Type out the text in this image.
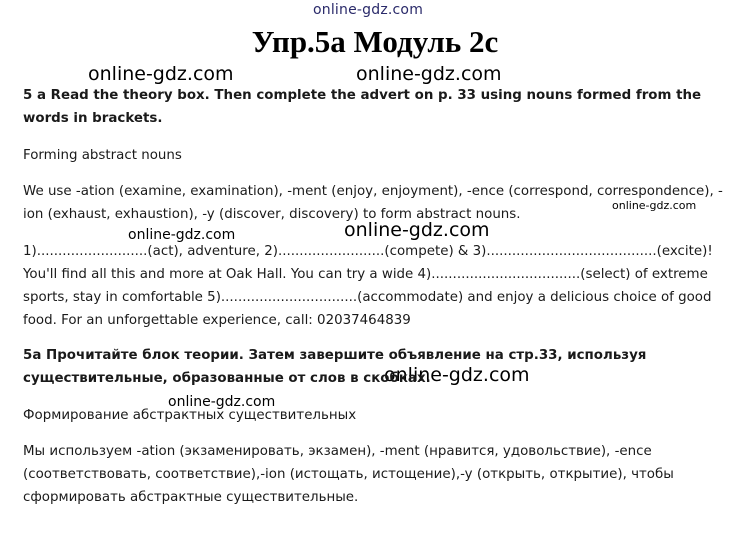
online-gdz.com
online-gdz.com	online-gdz.com
online-gdz.com
online-gdz.com
online-gdz.com
online-gdz.com
online-gdz.com
Упр.5a Модуль 2c
5 a Read the theory box. Then complete the advert on p. 33 using nouns formed from the words in brackets.
Forming abstract nouns
We use -ation (examine, examination), -ment (enjoy, enjoyment), -ence (correspond, correspondence), -ion (exhaust, exhaustion), -y (discover, discovery) to form abstract nouns.
1)..........................(act), adventure, 2).........................(compete) & 3)........................................(excite)! You'll find all this and more at Oak Hall. You can try a wide 4)...................................(select) of extreme sports, stay in comfortable 5)................................(accommodate) and enjoy a delicious choice of good food. For an unforgettable experience, call: 02037464839
5a Прочитайте блок теории. Затем завершите объявление на стр.33, используя существительные, образованные от слов в скобках.
Формирование абстрактных существительных
Мы используем -ation (экзаменировать, экзамен), -ment (нравится, удовольствие), -ence (соответствовать, соответствие),-ion (истощать, истощение),-y (открыть, открытие), чтобы сформировать абстрактные существительные.
